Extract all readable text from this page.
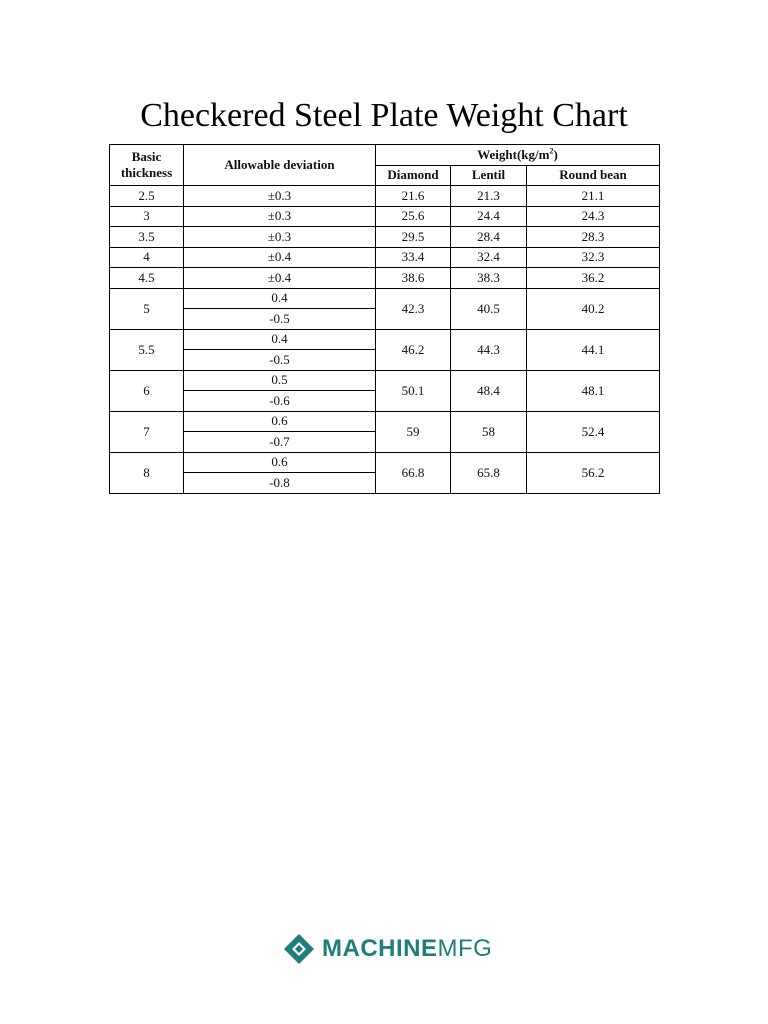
Checkered Steel Plate Weight Chart
Basic
thickness	Allowable deviation	$Weight(kg/m^2)$		
		Diamond	Lentil	Round bean
2.5	±0.3	21.6	21.3	21.1
3	±0.3	25.6	24.4	24.3
3.5	±0.3	29.5	28.4	28.3
4	±0.4	33.4	32.4	32.3
4.5	±0.4	38.6	38.3	36.2
5	0.4	42.3	40.5	40.2
	-0.5			
5.5	0.4	46.2	44.3	44.1
	-0.5			
6	0.5	50.1	48.4	48.1
	-0.6			
7	0.6	59	58	52.4
	-0.7			
8	0.6	66.8	65.8	56.2
	-0.8			
MACHINEMFG
